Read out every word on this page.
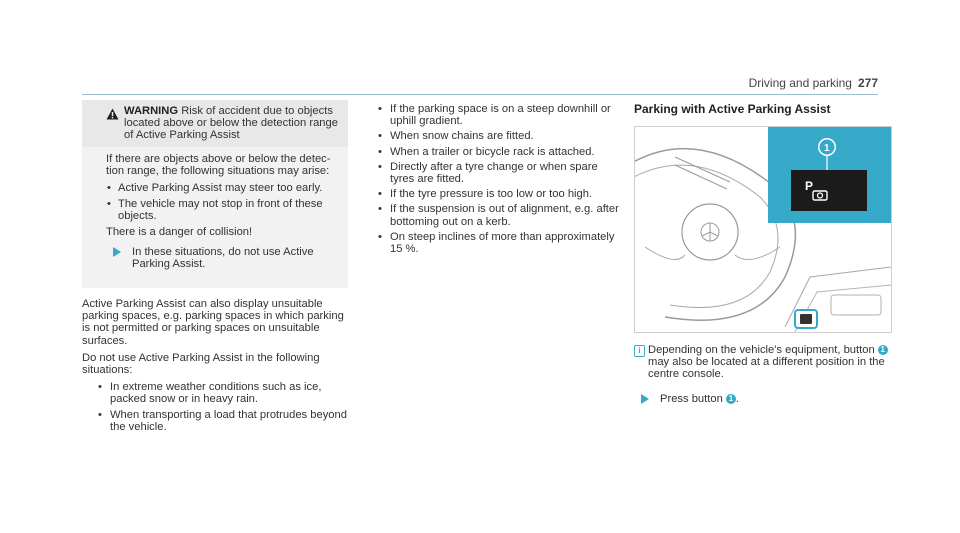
Driving and parking 277
WARNING Risk of accident due to objects located above or below the detection range of Active Parking Assist
If there are objects above or below the detec-tion range, the following situations may arise:
• Active Parking Assist may steer too early.
• The vehicle may not stop in front of these objects.
There is a danger of collision!
In these situations, do not use Active Parking Assist.
Active Parking Assist can also display unsuitable parking spaces, e.g. parking spaces in which parking is not permitted or parking spaces on unsuitable surfaces.
Do not use Active Parking Assist in the following situations:
• In extreme weather conditions such as ice, packed snow or in heavy rain.
• When transporting a load that protrudes beyond the vehicle.
• If the parking space is on a steep downhill or uphill gradient.
• When snow chains are fitted.
• When a trailer or bicycle rack is attached.
• Directly after a tyre change or when spare tyres are fitted.
• If the tyre pressure is too low or too high.
• If the suspension is out of alignment, e.g. after bottoming out on a kerb.
• On steep inclines of more than approximately 15 %.
Parking with Active Parking Assist
P
1
i Depending on the vehicle's equipment, button 1 may also be located at a different position in the centre console.
Press button 1 .
